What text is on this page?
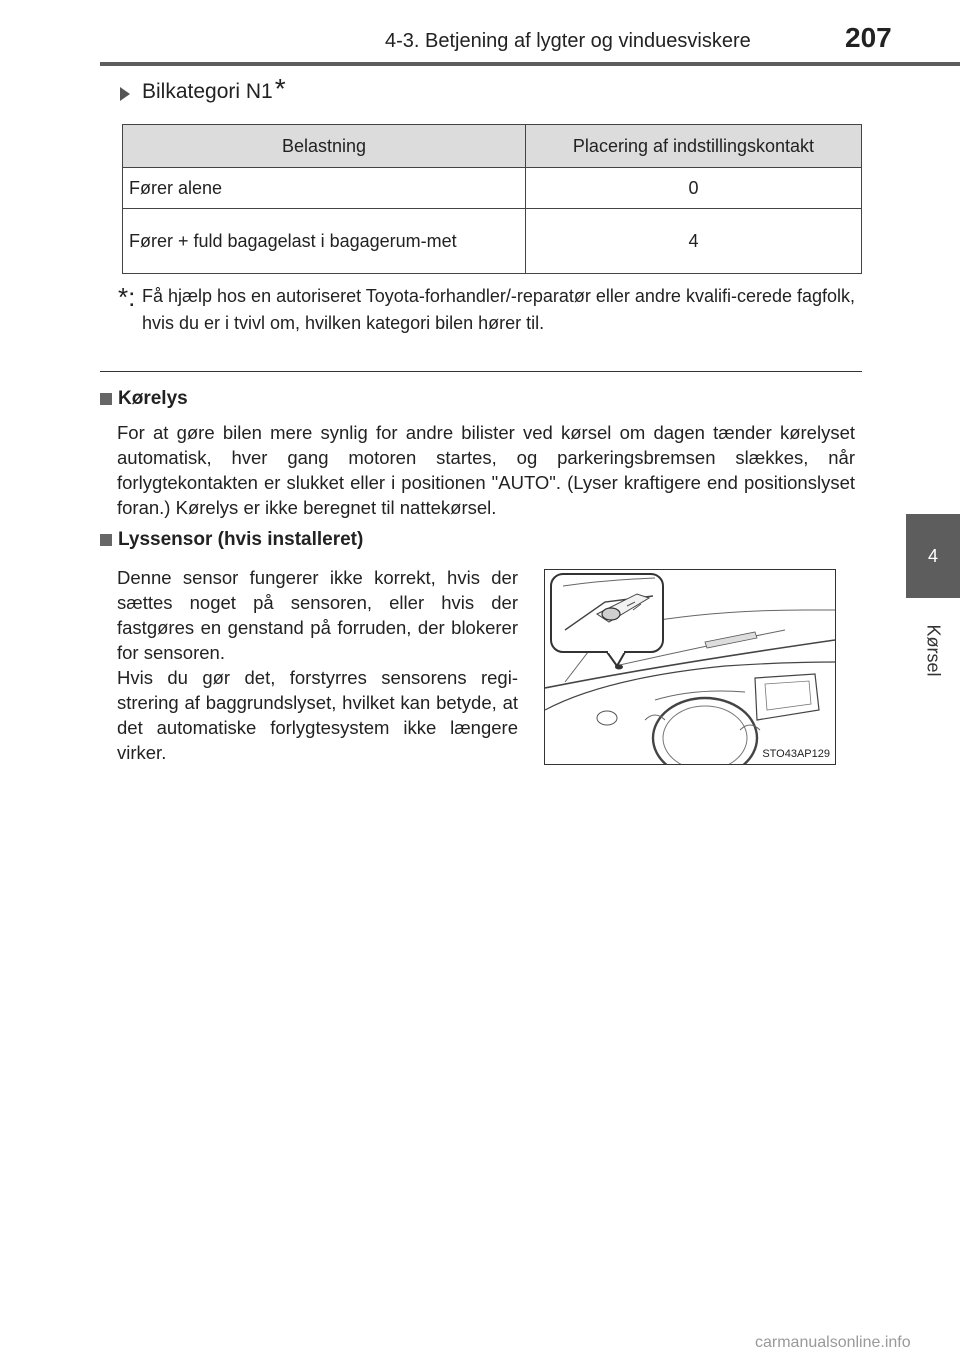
4-3. Betjening af lygter og vinduesviskere	207
4
Kørsel
Bilkategori N1 *
Belastning	Placering af indstillingskontakt
Fører alene	0
Fører + fuld bagagelast i bagagerum-met	4
*: Få hjælp hos en autoriseret Toyota-forhandler/-reparatør eller andre kvalifi-cerede fagfolk, hvis du er i tvivl om, hvilken kategori bilen hører til.
Kørelys
For at gøre bilen mere synlig for andre bilister ved kørsel om dagen tænder kørelyset automatisk, hver gang motoren startes, og parkeringsbremsen slækkes, når forlygtekontakten er slukket eller i positionen "AUTO". (Lyser kraftigere end positionslyset foran.) Kørelys er ikke beregnet til nattekørsel.
Lyssensor (hvis installeret)
Denne sensor fungerer ikke korrekt, hvis der sættes noget på sensoren, eller hvis der fastgøres en genstand på forruden, der blokerer for sensoren.
Hvis du gør det, forstyrres sensorens regi-strering af baggrundslyset, hvilket kan betyde, at det automatiske forlygtesystem ikke længere virker.	STO43AP129
carmanualsonline.info
